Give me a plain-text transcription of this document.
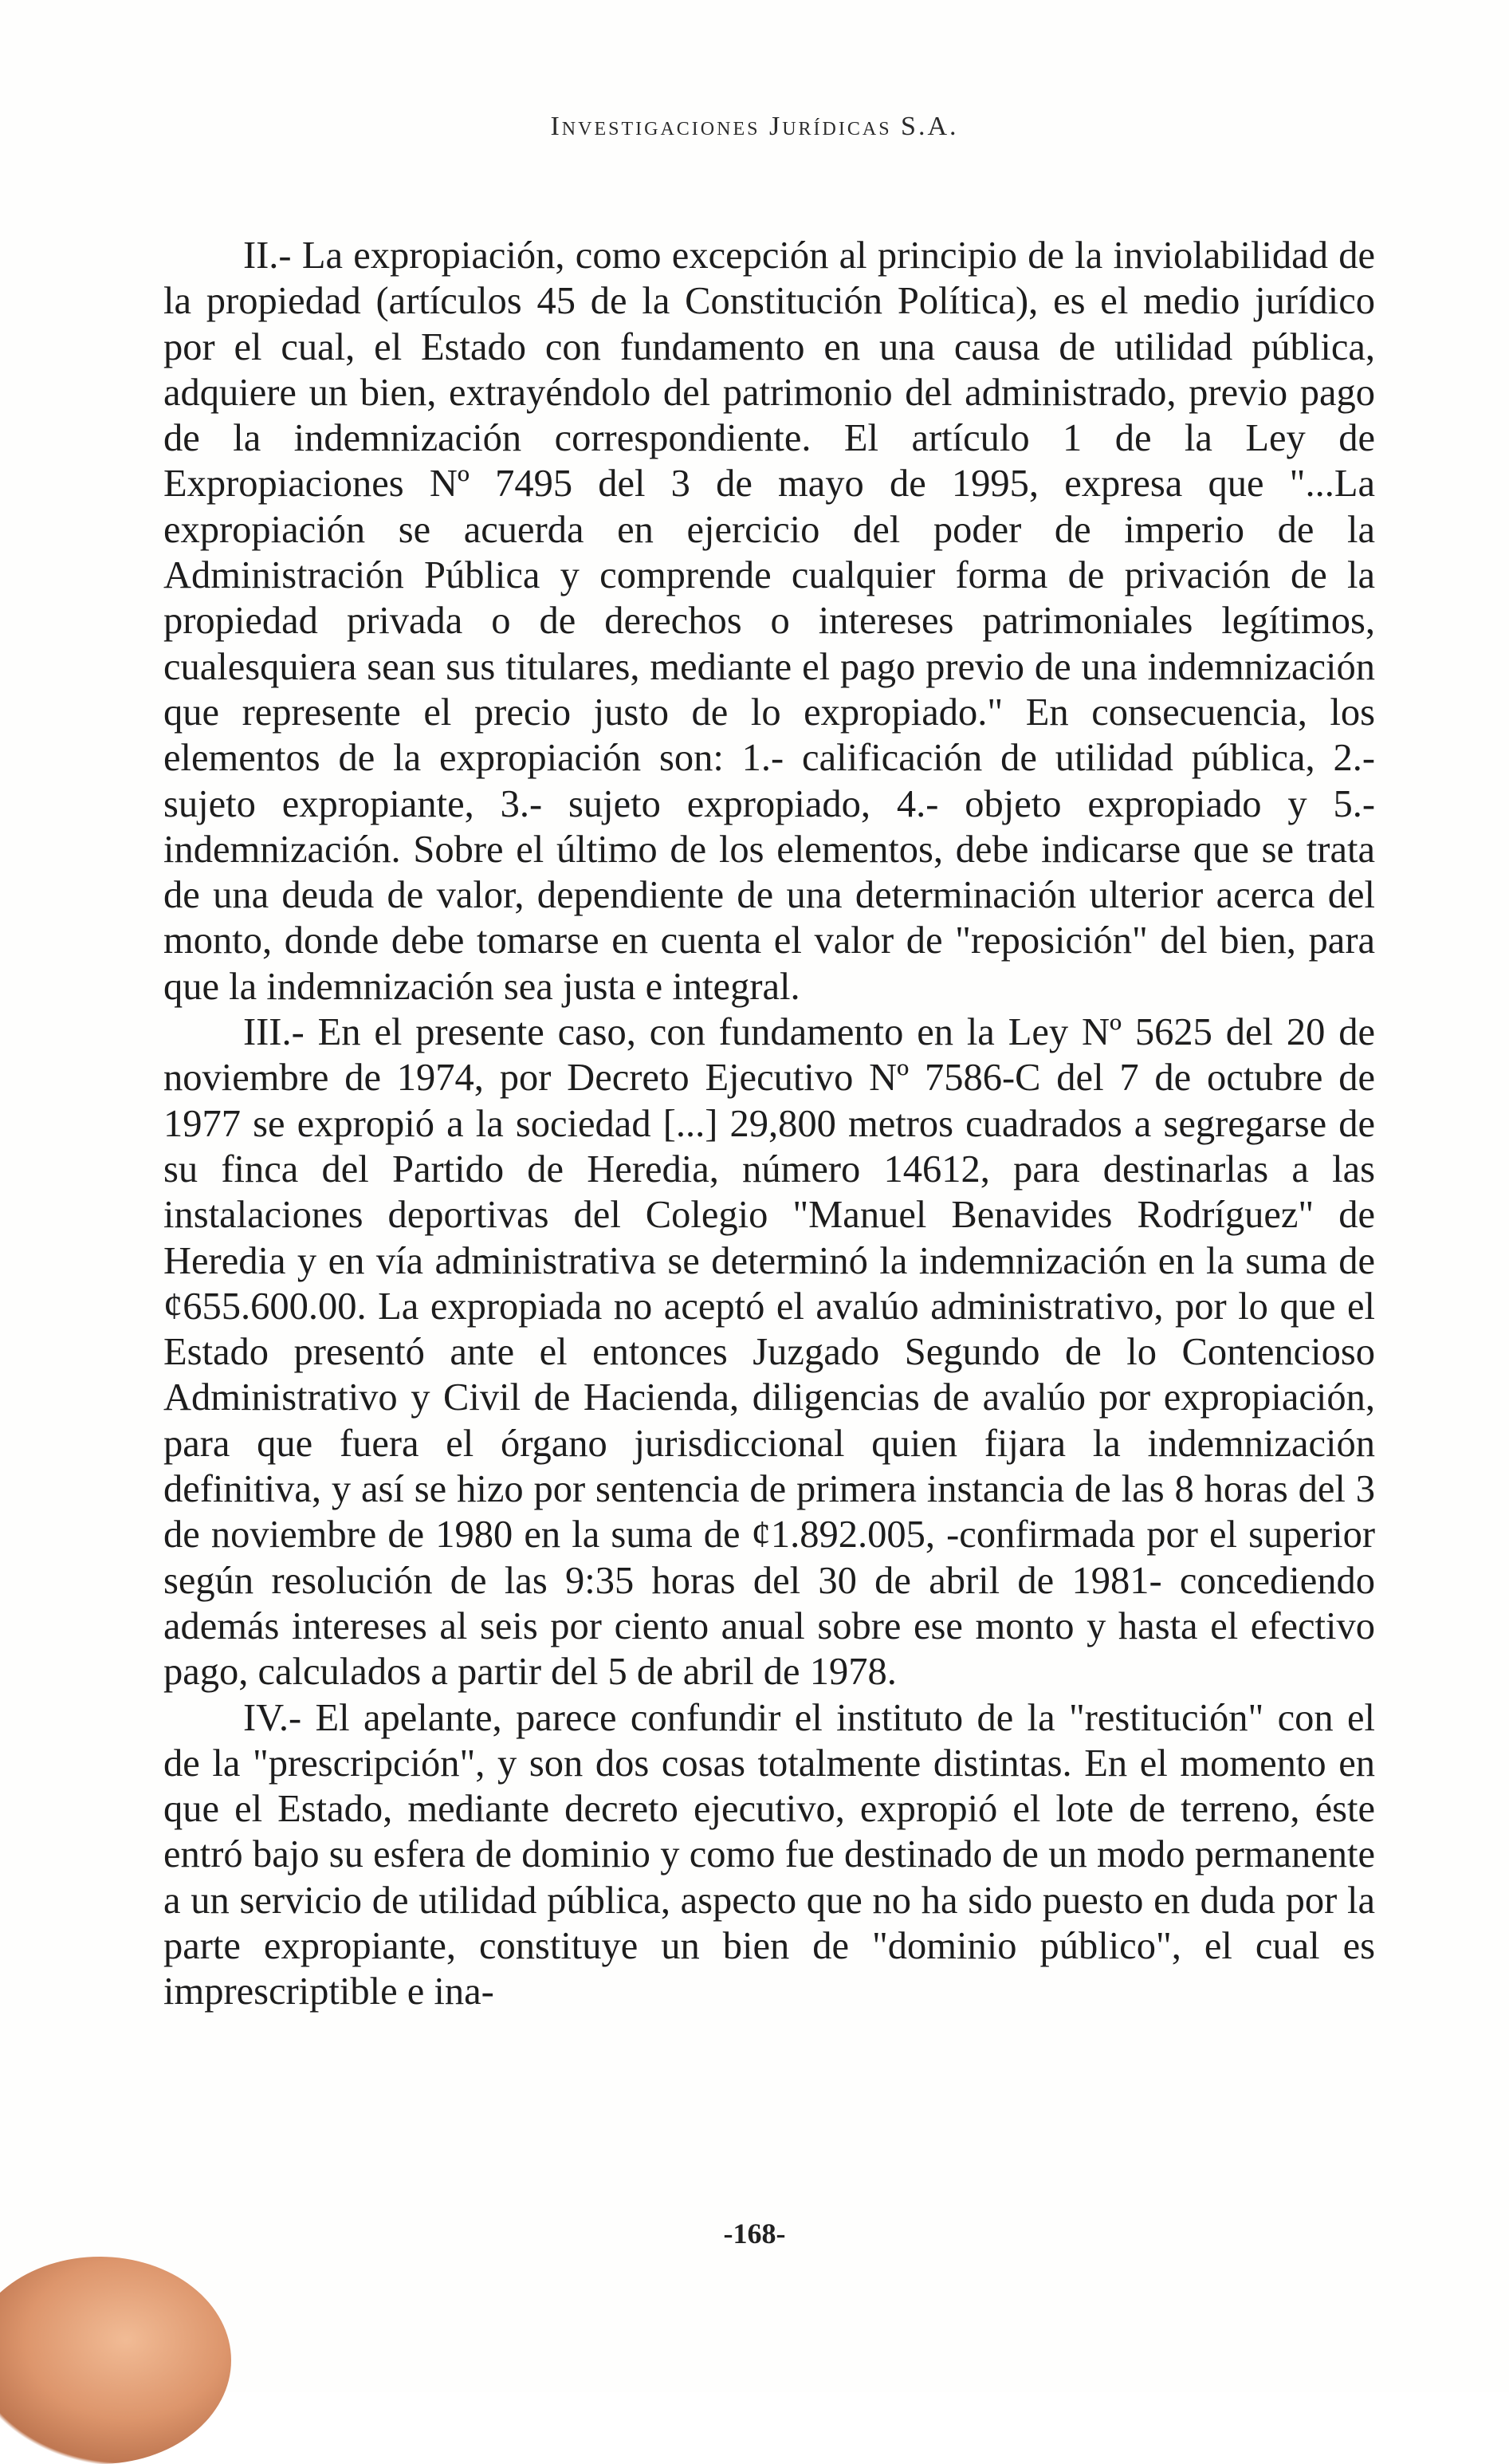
Investigaciones Jurídicas S.A.

II.- La expropiación, como excepción al principio de la inviolabilidad de la propiedad (artículos 45 de la Constitución Política), es el medio jurídico por el cual, el Estado con fundamento en una causa de utilidad pública, adquiere un bien, extrayéndolo del patrimonio del administrado, previo pago de la indemnización correspondiente. El artículo 1 de la Ley de Expropiaciones Nº 7495 del 3 de mayo de 1995, expresa que "...La expropiación se acuerda en ejercicio del poder de imperio de la Administración Pública y comprende cualquier forma de privación de la propiedad privada o de derechos o intereses patrimoniales legítimos, cualesquiera sean sus titulares, mediante el pago previo de una indemnización que represente el precio justo de lo expropiado." En consecuencia, los elementos de la expropiación son: 1.- calificación de utilidad pública, 2.- sujeto expropiante, 3.- sujeto expropiado, 4.- objeto expropiado y 5.- indemnización. Sobre el último de los elementos, debe indicarse que se trata de una deuda de valor, dependiente de una determinación ulterior acerca del monto, donde debe tomarse en cuenta el valor de "reposición" del bien, para que la indemnización sea justa e integral.

III.- En el presente caso, con fundamento en la Ley Nº 5625 del 20 de noviembre de 1974, por Decreto Ejecutivo Nº 7586-C del 7 de octubre de 1977 se expropió a la sociedad [...] 29,800 metros cuadrados a segregarse de su finca del Partido de Heredia, número 14612, para destinarlas a las instalaciones deportivas del Colegio "Manuel Benavides Rodríguez" de Heredia y en vía administrativa se determinó la indemnización en la suma de ¢655.600.00. La expropiada no aceptó el avalúo administrativo, por lo que el Estado presentó ante el entonces Juzgado Segundo de lo Contencioso Administrativo y Civil de Hacienda, diligencias de avalúo por expropiación, para que fuera el órgano jurisdiccional quien fijara la indemnización definitiva, y así se hizo por sentencia de primera instancia de las 8 horas del 3 de noviembre de 1980 en la suma de ¢1.892.005, -confirmada por el superior según resolución de las 9:35 horas del 30 de abril de 1981- concediendo además intereses al seis por ciento anual sobre ese monto y hasta el efectivo pago, calculados a partir del 5 de abril de 1978.

IV.- El apelante, parece confundir el instituto de la "restitución" con el de la "prescripción", y son dos cosas totalmente distintas. En el momento en que el Estado, mediante decreto ejecutivo, expropió el lote de terreno, éste entró bajo su esfera de dominio y como fue destinado de un modo permanente a un servicio de utilidad pública, aspecto que no ha sido puesto en duda por la parte expropiante, constituye un bien de "dominio público", el cual es imprescriptible e ina-

-168-
